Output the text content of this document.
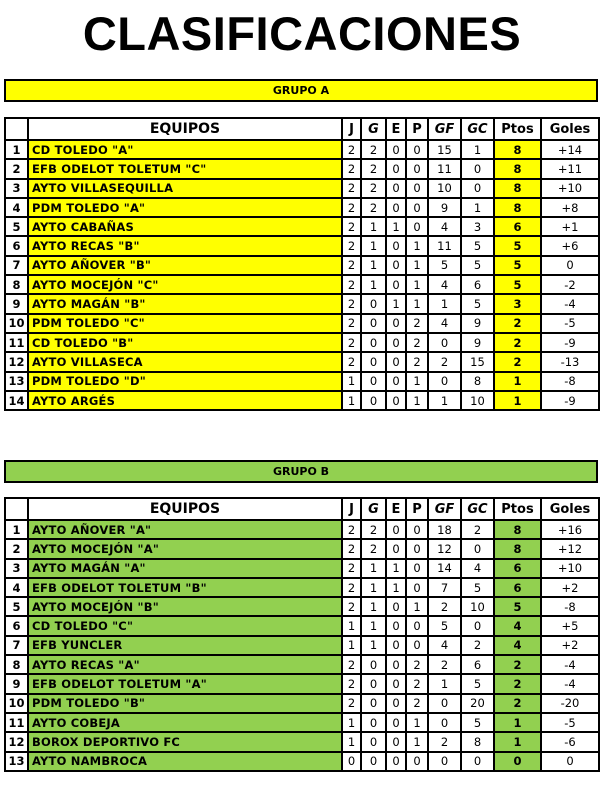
CLASIFICACIONES
GRUPO A
	EQUIPOS	J	G	E	P	GF	GC	Ptos	Goles
1	CD TOLEDO "A"	2	2	0	0	15	1	8	+14
2	EFB ODELOT TOLETUM "C"	2	2	0	0	11	0	8	+11
3	AYTO VILLASEQUILLA	2	2	0	0	10	0	8	+10
4	PDM TOLEDO "A"	2	2	0	0	9	1	8	+8
5	AYTO CABAÑAS	2	1	1	0	4	3	6	+1
6	AYTO RECAS "B"	2	1	0	1	11	5	5	+6
7	AYTO AÑOVER "B"	2	1	0	1	5	5	5	0
8	AYTO MOCEJÓN "C"	2	1	0	1	4	6	5	-2
9	AYTO MAGÁN "B"	2	0	1	1	1	5	3	-4
10	PDM TOLEDO "C"	2	0	0	2	4	9	2	-5
11	CD TOLEDO "B"	2	0	0	2	0	9	2	-9
12	AYTO VILLASECA	2	0	0	2	2	15	2	-13
13	PDM TOLEDO "D"	1	0	0	1	0	8	1	-8
14	AYTO ARGÉS	1	0	0	1	1	10	1	-9
GRUPO B
	EQUIPOS	J	G	E	P	GF	GC	Ptos	Goles
1	AYTO AÑOVER "A"	2	2	0	0	18	2	8	+16
2	AYTO MOCEJÓN "A"	2	2	0	0	12	0	8	+12
3	AYTO MAGÁN "A"	2	1	1	0	14	4	6	+10
4	EFB ODELOT TOLETUM "B"	2	1	1	0	7	5	6	+2
5	AYTO MOCEJÓN "B"	2	1	0	1	2	10	5	-8
6	CD TOLEDO "C"	1	1	0	0	5	0	4	+5
7	EFB YUNCLER	1	1	0	0	4	2	4	+2
8	AYTO RECAS "A"	2	0	0	2	2	6	2	-4
9	EFB ODELOT TOLETUM "A"	2	0	0	2	1	5	2	-4
10	PDM TOLEDO "B"	2	0	0	2	0	20	2	-20
11	AYTO COBEJA	1	0	0	1	0	5	1	-5
12	BOROX DEPORTIVO FC	1	0	0	1	2	8	1	-6
13	AYTO NAMBROCA	0	0	0	0	0	0	0	0
